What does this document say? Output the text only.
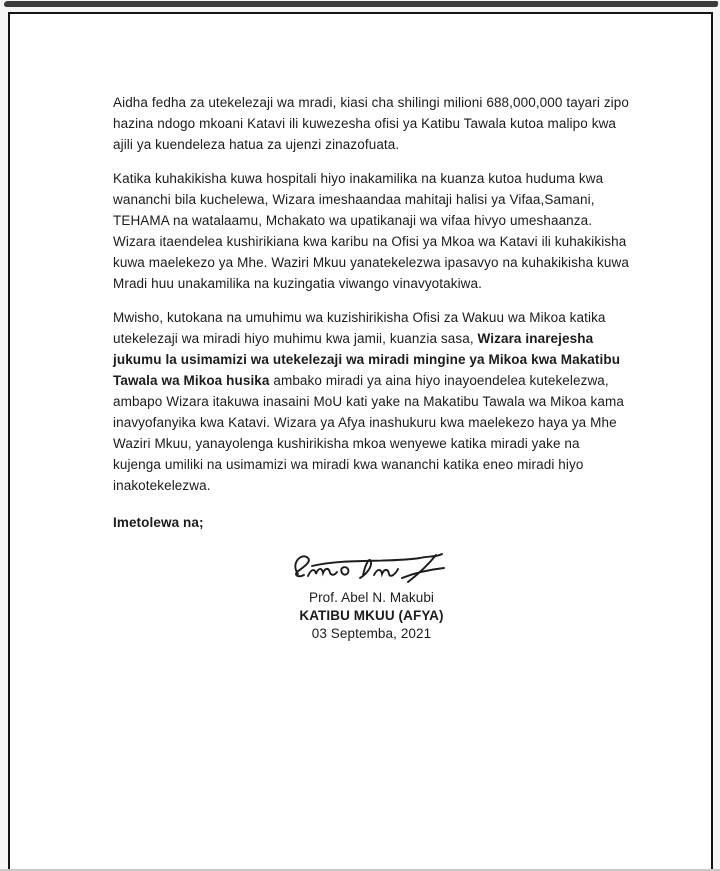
Aidha fedha za utekelezaji wa mradi, kiasi cha shilingi milioni 688,000,000 tayari zipo hazina ndogo mkoani Katavi ili kuwezesha ofisi ya Katibu Tawala kutoa malipo kwa ajili ya kuendeleza hatua za ujenzi zinazofuata.

Katika kuhakikisha kuwa hospitali hiyo inakamilika na kuanza kutoa huduma kwa wananchi bila kuchelewa, Wizara imeshaandaa mahitaji halisi ya Vifaa,Samani, TEHAMA na watalaamu, Mchakato wa upatikanaji wa vifaa hivyo umeshaanza. Wizara itaendelea kushirikiana kwa karibu na Ofisi ya Mkoa wa Katavi ili kuhakikisha kuwa maelekezo ya Mhe. Waziri Mkuu yanatekelezwa ipasavyo na kuhakikisha kuwa Mradi huu unakamilika na kuzingatia viwango vinavyotakiwa.

Mwisho, kutokana na umuhimu wa kuzishirikisha Ofisi za Wakuu wa Mikoa katika utekelezaji wa miradi hiyo muhimu kwa jamii, kuanzia sasa, Wizara inarejesha jukumu la usimamizi wa utekelezaji wa miradi mingine ya Mikoa kwa Makatibu Tawala wa Mikoa husika ambako miradi ya aina hiyo inayoendelea kutekelezwa, ambapo Wizara itakuwa inasaini MoU kati yake na Makatibu Tawala wa Mikoa kama inavyofanyika kwa Katavi. Wizara ya Afya inashukuru kwa maelekezo haya ya Mhe Waziri Mkuu, yanayolenga kushirikisha mkoa wenyewe katika miradi yake na kujenga umiliki na usimamizi wa miradi kwa wananchi katika eneo miradi hiyo inakotekelezwa.

Imetolewa na;

Prof. Abel N. Makubi
KATIBU MKUU (AFYA)
03 Septemba, 2021
